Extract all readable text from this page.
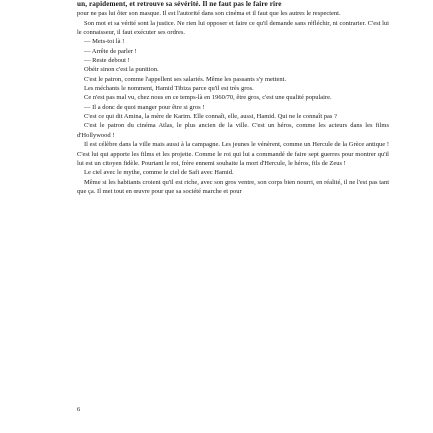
un, rapidement, et retrouve sa sévérité. Il ne faut pas le faire rire

pour ne pas lui ôter son masque. Il est l'autorité dans son cinéma et il faut que les autres le respectent.

Son mot et sa vérité sont la justice. Ne rien lui opposer et faire ce qu'il demande sans réfléchir, ni contrarier. C'est lui le connaisseur, il faut exécuter ses ordres.

— Mets-toi là !

— Arrête de parler !

— Reste debout !

Obéir sinon c'est la punition.

C'est le patron, comme l'appellent ses salariés. Même les passants s'y mettent.

Les méchants le nomment, Hamid Tibiza parce qu'il est très gros.

Ce n'est pas mal vu, chez nous en ce temps-là en 1960/70, être gros, c'est une qualité populaire.

— Il a donc de quoi manger pour être si gros !

C'est ce qui dit Amina, la mère de Karim. Elle connaît, elle, aussi, Hamid. Qui ne le connaît pas ?

C'est le patron du cinéma Atlas, le plus ancien de la ville. C'est un héros, comme les acteurs dans les films d'Hollywood !

Il est célèbre dans la ville mais aussi à la campagne. Les jeunes le vénèrent, comme un Hercule de la Grèce antique ! C'est lui qui apporte les films et les projette. Comme le roi qui lui a commandé de faire sept guerres pour montrer qu'il lui est un citoyen fidèle. Pourtant le roi, frère ennemi souhaite la mort d'Hercule, le héros, fils de Zeus !

Le ciel avec le mythe, comme le ciel de Safi avec Hamid.

Même si les habitants croient qu'il est riche, avec son gros ventre, son corps bien nourri, en réalité, il ne l'est pas tant que ça. Il met tout en œuvre pour que sa société marche et pour

6
